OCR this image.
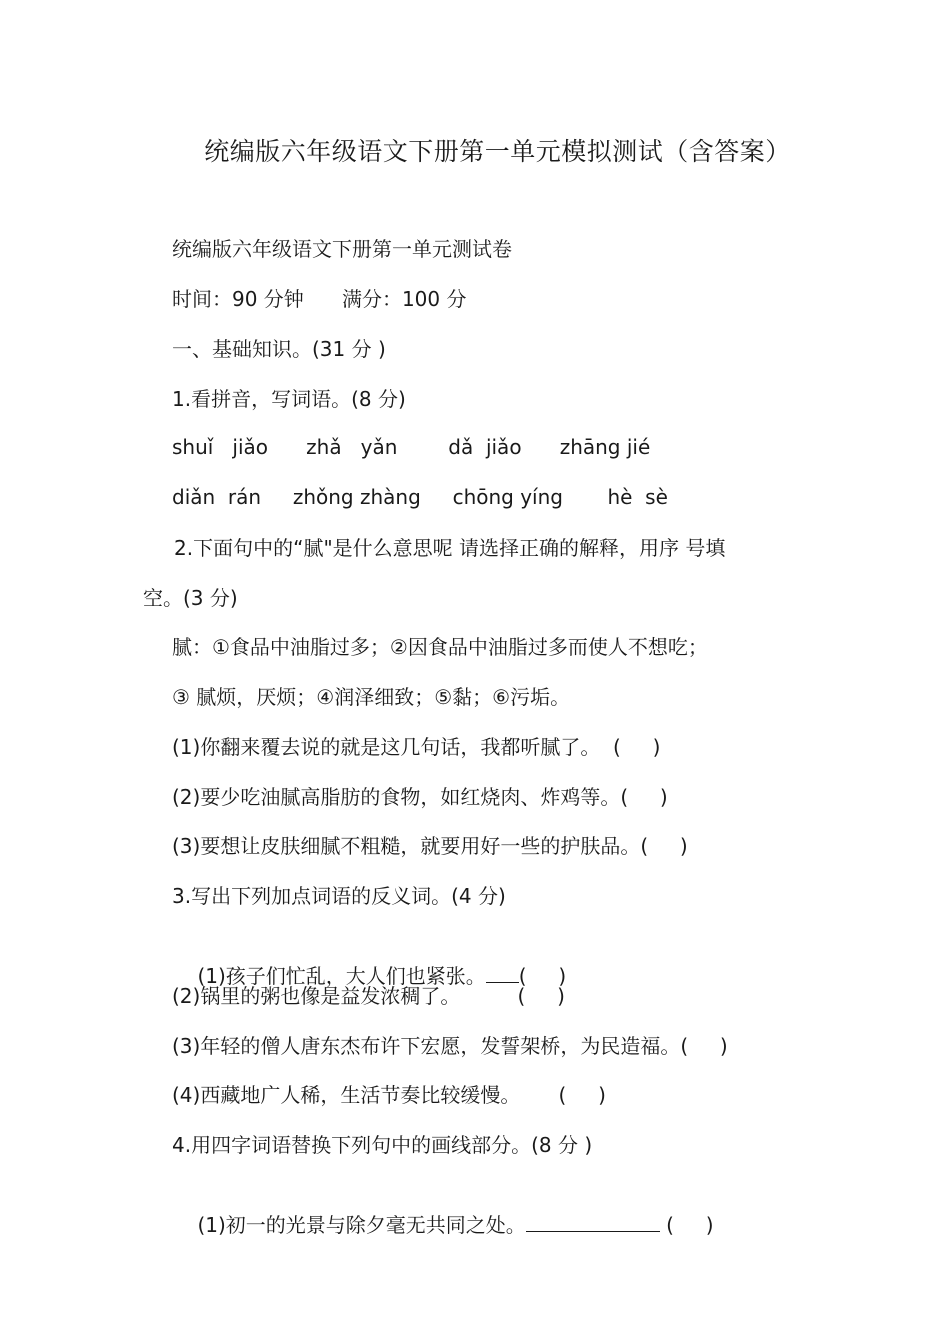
统编版六年级语文下册第一单元模拟测试（含答案）
统编版六年级语文下册第一单元测试卷
时间：90 分钟      满分：100 分
一、基础知识。(31 分 )
1.看拼音，写词语。(8 分)
shuǐ   jiǎo      zhǎ   yǎn        dǎ  jiǎo      zhāng jié
diǎn  rán     zhǒng zhàng     chōng yíng       hè  sè
2.下面句中的“腻"是什么意思呢 请选择正确的解释，用序 号填
空。(3 分)
腻：①食品中油脂过多；②因食品中油脂过多而使人不想吃；
③ 腻烦，厌烦；④润泽细致；⑤黏；⑥污垢。
(1)你翻来覆去说的就是这几句话，我都听腻了。  (     )
(2)要少吃油腻高脂肪的食物，如红烧肉、炸鸡等。(     )
(3)要想让皮肤细腻不粗糙，就要用好一些的护肤品。(     )
3.写出下列加点词语的反义词。(4 分)

(1)孩子们忙乱，大人们也紧张。 (     )

(2)锅里的粥也像是益发浓稠了。         (     )
(3)年轻的僧人唐东杰布许下宏愿，发誓架桥，为民造福。(     )
(4)西藏地广人稀，生活节奏比较缓慢。      (     )
4.用四字词语替换下列句中的画线部分。(8 分 )

(1)初一的光景与除夕毫无共同之处。	(     )
